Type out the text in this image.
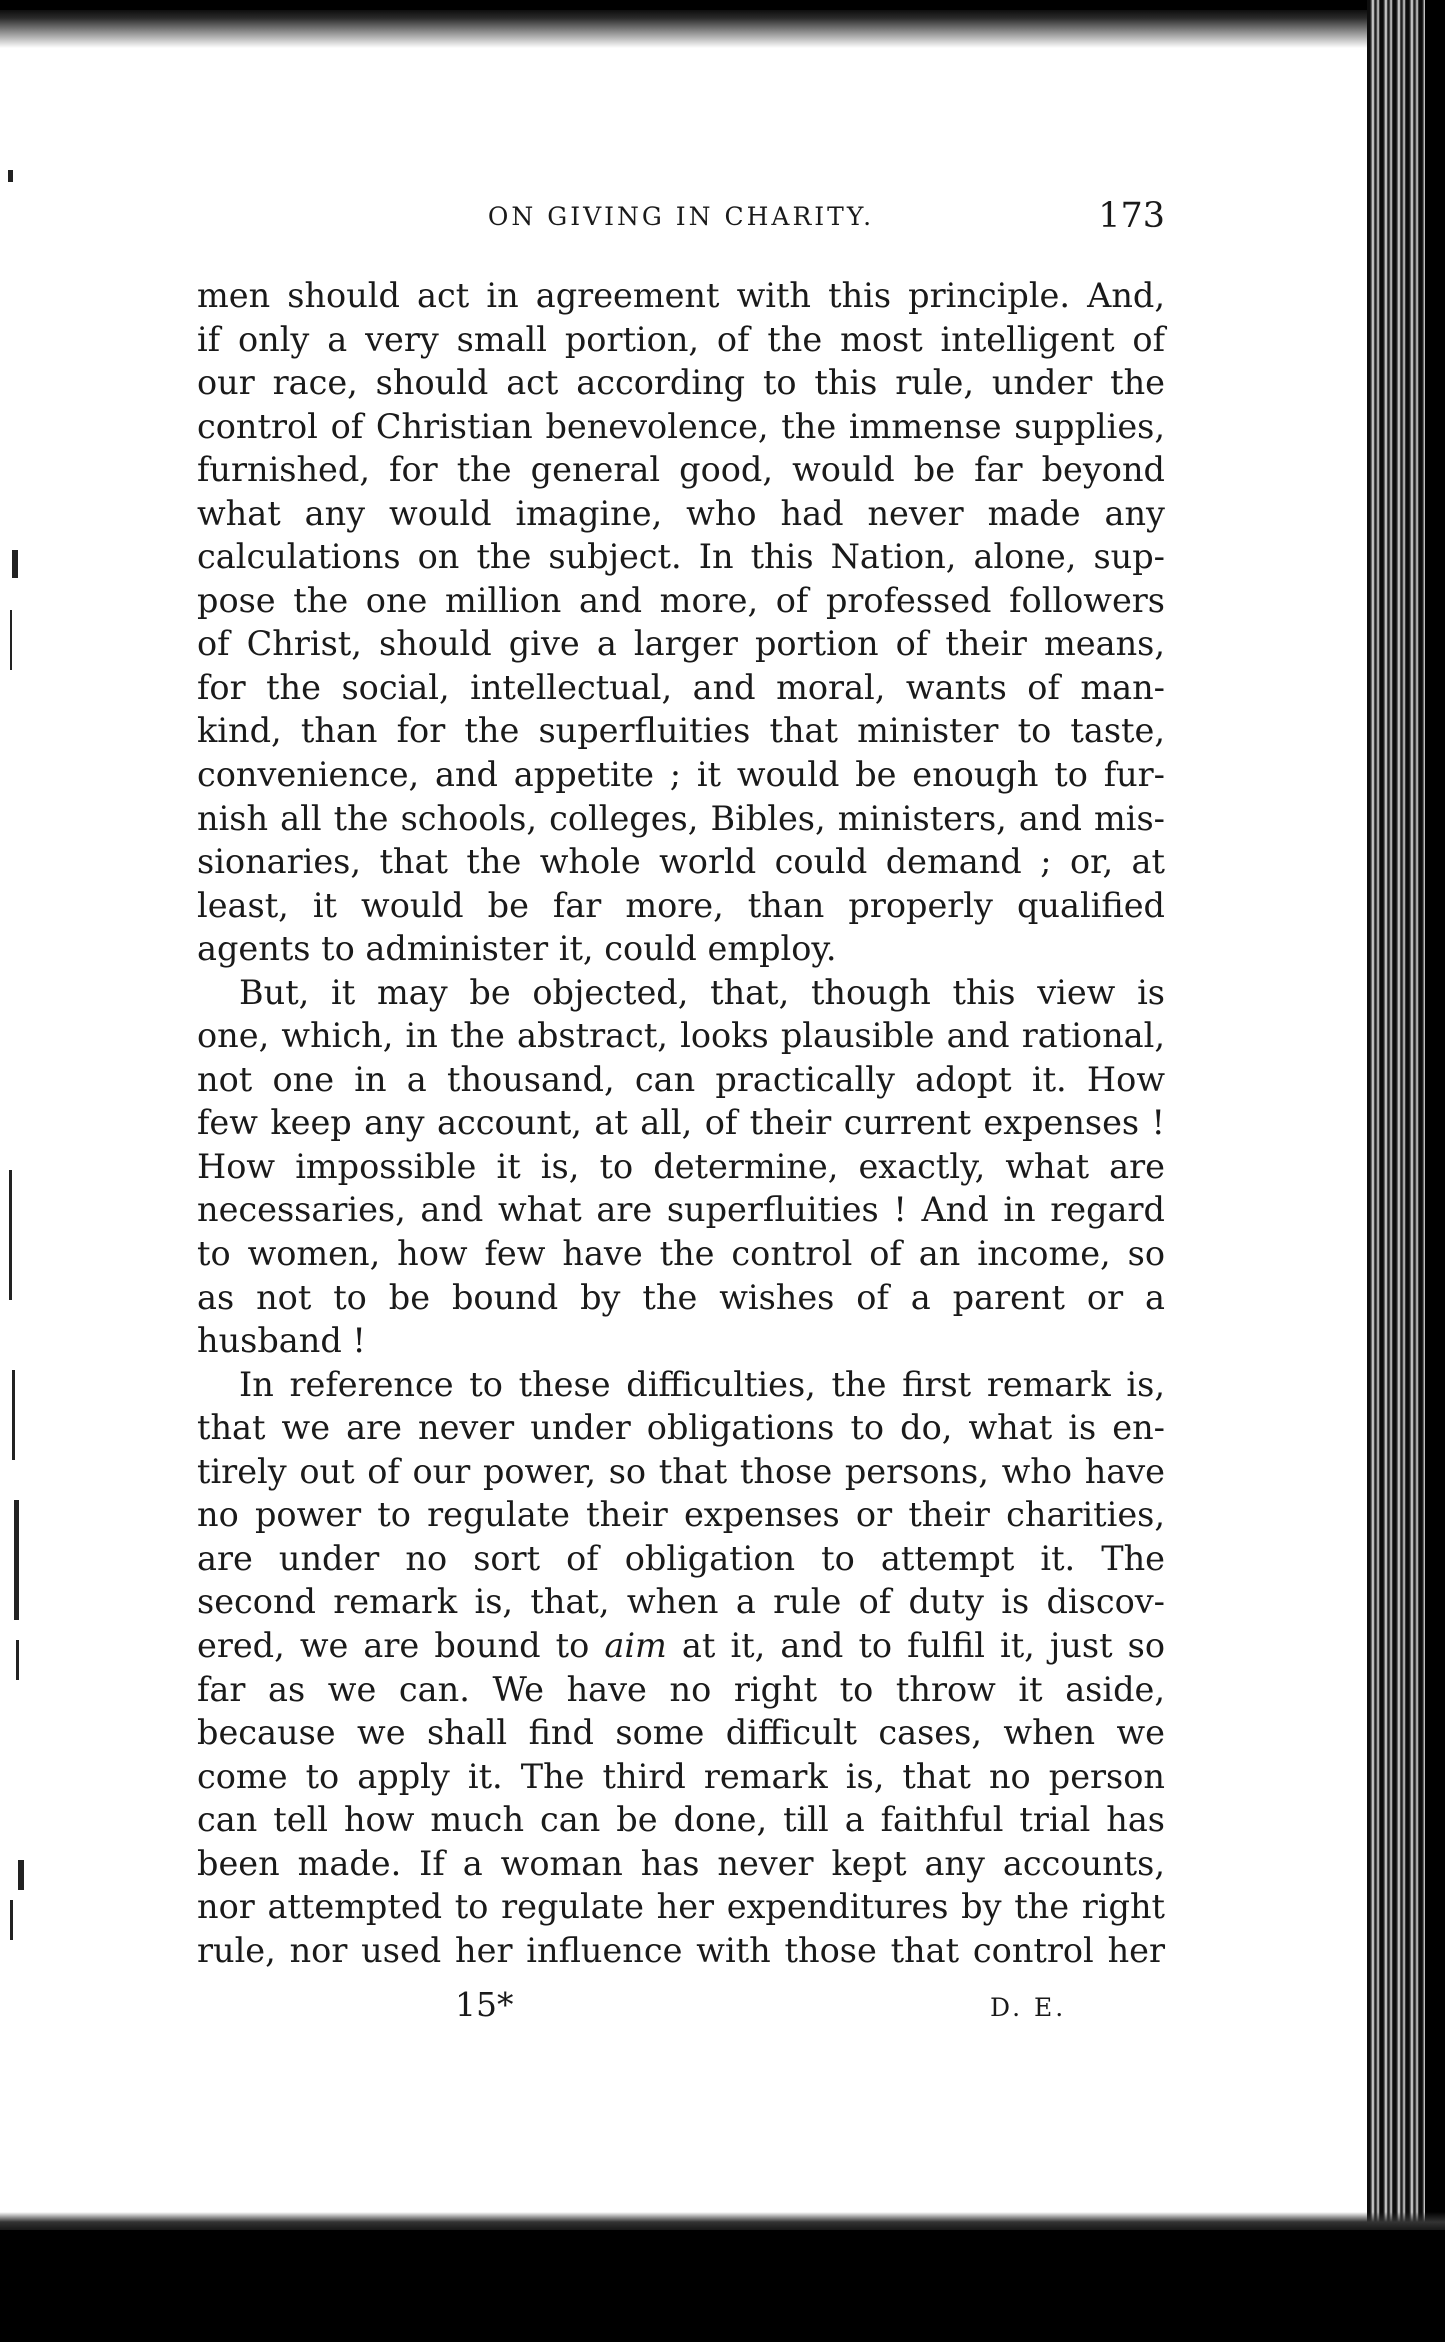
ON GIVING IN CHARITY.	173
men should act in agreement with this principle. And,
if only a very small portion, of the most intelligent of
our race, should act according to this rule, under the
control of Christian benevolence, the immense supplies,
furnished, for the general good, would be far beyond
what any would imagine, who had never made any
calculations on the subject. In this Nation, alone, sup-
pose the one million and more, of professed followers
of Christ, should give a larger portion of their means,
for the social, intellectual, and moral, wants of man-
kind, than for the superfluities that minister to taste,
convenience, and appetite ; it would be enough to fur-
nish all the schools, colleges, Bibles, ministers, and mis-
sionaries, that the whole world could demand ; or, at
least, it would be far more, than properly qualified
agents to administer it, could employ.
But, it may be objected, that, though this view is
one, which, in the abstract, looks plausible and rational,
not one in a thousand, can practically adopt it. How
few keep any account, at all, of their current expenses !
How impossible it is, to determine, exactly, what are
necessaries, and what are superfluities ! And in regard
to women, how few have the control of an income, so
as not to be bound by the wishes of a parent or a
husband !
In reference to these difficulties, the first remark is,
that we are never under obligations to do, what is en-
tirely out of our power, so that those persons, who have
no power to regulate their expenses or their charities,
are under no sort of obligation to attempt it. The
second remark is, that, when a rule of duty is discov-
ered, we are bound to aim at it, and to fulfil it, just so
far as we can. We have no right to throw it aside,
because we shall find some difficult cases, when we
come to apply it. The third remark is, that no person
can tell how much can be done, till a faithful trial has
been made. If a woman has never kept any accounts,
nor attempted to regulate her expenditures by the right
rule, nor used her influence with those that control her
15*	D. E.
